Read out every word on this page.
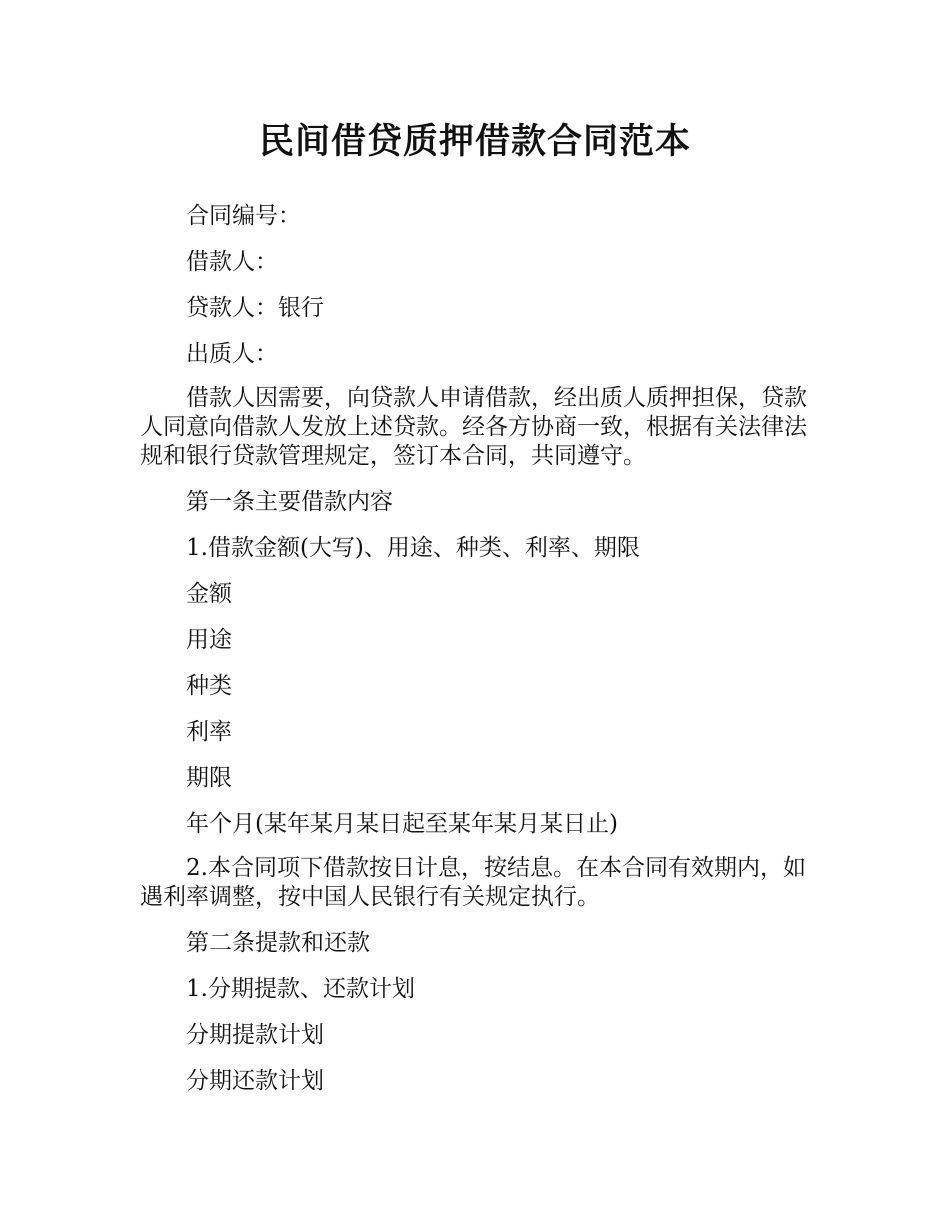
民间借贷质押借款合同范本

合同编号：

借款人：

贷款人：银行

出质人：

借款人因需要，向贷款人申请借款，经出质人质押担保，贷款人同意向借款人发放上述贷款。经各方协商一致，根据有关法律法规和银行贷款管理规定，签订本合同，共同遵守。

第一条主要借款内容

1.借款金额(大写)、用途、种类、利率、期限

金额

用途

种类

利率

期限

年个月(某年某月某日起至某年某月某日止)

2.本合同项下借款按日计息，按结息。在本合同有效期内，如遇利率调整，按中国人民银行有关规定执行。

第二条提款和还款

1.分期提款、还款计划

分期提款计划

分期还款计划
